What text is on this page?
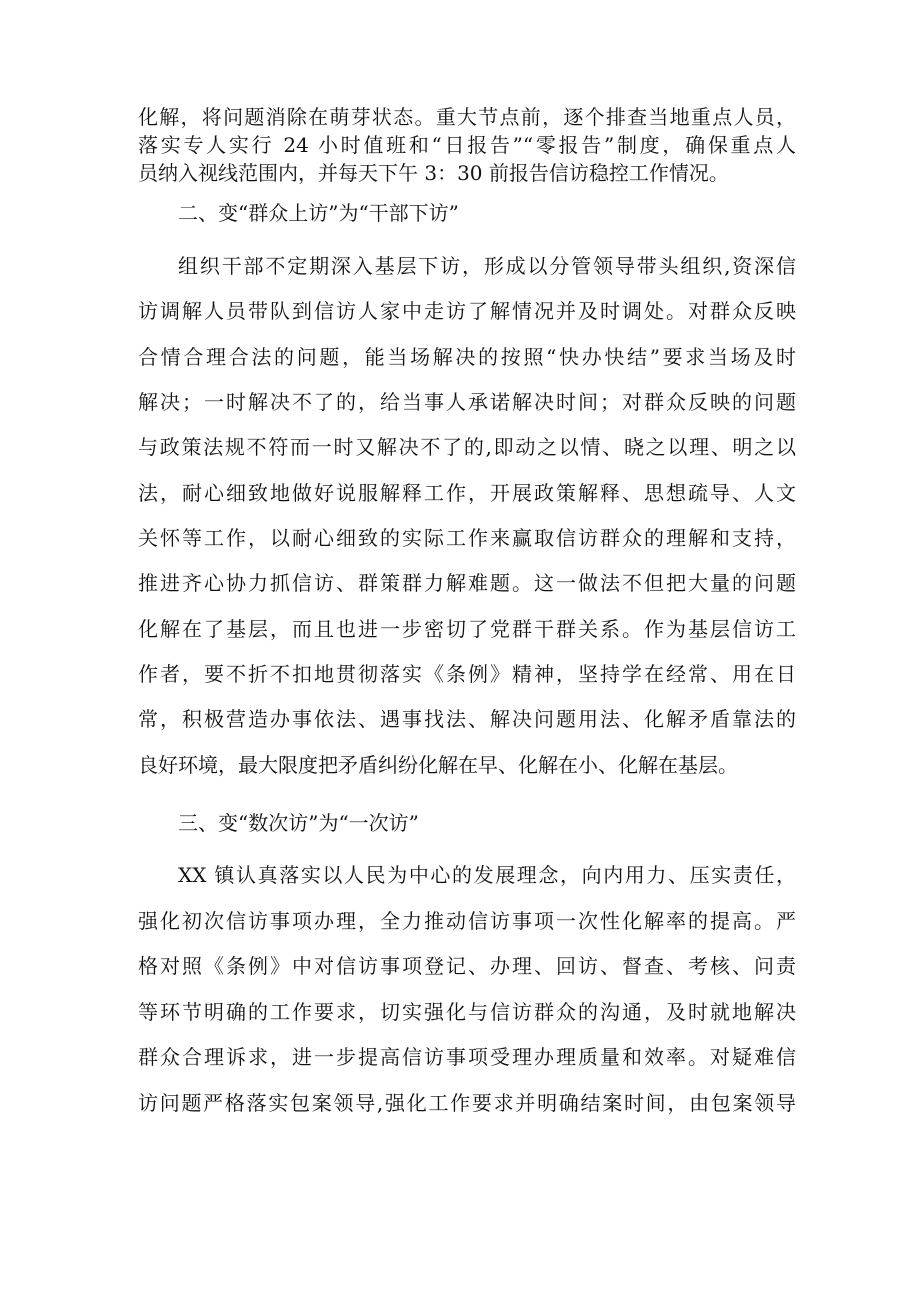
化解，将问题消除在萌芽状态。重大节点前，逐个排查当地重点人员，
落实专人实行 24 小时值班和“日报告”“零报告”制度，确保重点人
员纳入视线范围内，并每天下午 3：30 前报告信访稳控工作情况。
二、变“群众上访”为“干部下访”
组织干部不定期深入基层下访，形成以分管领导带头组织,资深信
访调解人员带队到信访人家中走访了解情况并及时调处。对群众反映
合情合理合法的问题，能当场解决的按照“快办快结”要求当场及时
解决；一时解决不了的，给当事人承诺解决时间；对群众反映的问题
与政策法规不符而一时又解决不了的,即动之以情、晓之以理、明之以
法，耐心细致地做好说服解释工作，开展政策解释、思想疏导、人文
关怀等工作，以耐心细致的实际工作来赢取信访群众的理解和支持，
推进齐心协力抓信访、群策群力解难题。这一做法不但把大量的问题
化解在了基层，而且也进一步密切了党群干群关系。作为基层信访工
作者，要不折不扣地贯彻落实《条例》精神，坚持学在经常、用在日
常，积极营造办事依法、遇事找法、解决问题用法、化解矛盾靠法的
良好环境，最大限度把矛盾纠纷化解在早、化解在小、化解在基层。
三、变“数次访”为“一次访”
XX 镇认真落实以人民为中心的发展理念，向内用力、压实责任，
强化初次信访事项办理，全力推动信访事项一次性化解率的提高。严
格对照《条例》中对信访事项登记、办理、回访、督查、考核、问责
等环节明确的工作要求，切实强化与信访群众的沟通，及时就地解决
群众合理诉求，进一步提高信访事项受理办理质量和效率。对疑难信
访问题严格落实包案领导,强化工作要求并明确结案时间，由包案领导
